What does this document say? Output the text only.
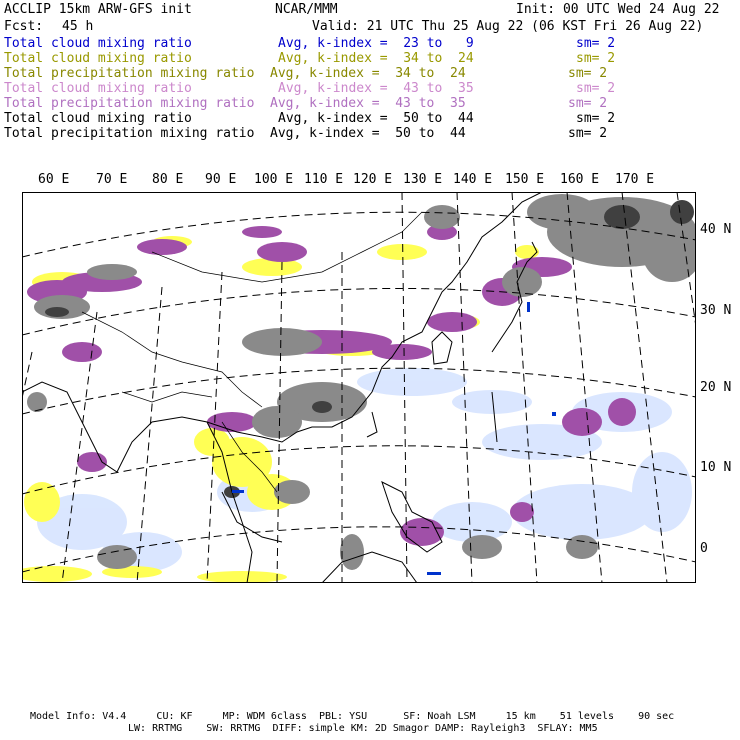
ACCLIP 15km ARW-GFS init	NCAR/MMM	Init: 00 UTC Wed 24 Aug 22
Fcst: 45 h	Valid: 21 UTC Thu 25 Aug 22 (06 KST Fri 26 Aug 22)
Total cloud mixing ratio	Avg, k-index =  23 to   9	sm= 2
Total cloud mixing ratio	Avg, k-index =  34 to  24	sm= 2
Total precipitation mixing ratio Avg, k-index =  34 to  24	sm= 2
Total cloud mixing ratio	Avg, k-index =  43 to  35	sm= 2
Total precipitation mixing ratio Avg, k-index =  43 to  35	sm= 2
Total cloud mixing ratio	Avg, k-index =  50 to  44	sm= 2
Total precipitation mixing ratio Avg, k-index =  50 to  44	sm= 2
60 E 70 E 80 E 90 E 100 E 110 E 120 E 130 E 140 E 150 E 160 E 170 E
40 N
30 N
20 N
10 N
0
Model Info: V4.4     CU: KF     MP: WDM 6class  PBL: YSU      SF: Noah LSM     15 km    51 levels    90 sec
LW: RRTMG    SW: RRTMG  DIFF: simple KM: 2D Smagor DAMP: Rayleigh3  SFLAY: MM5
